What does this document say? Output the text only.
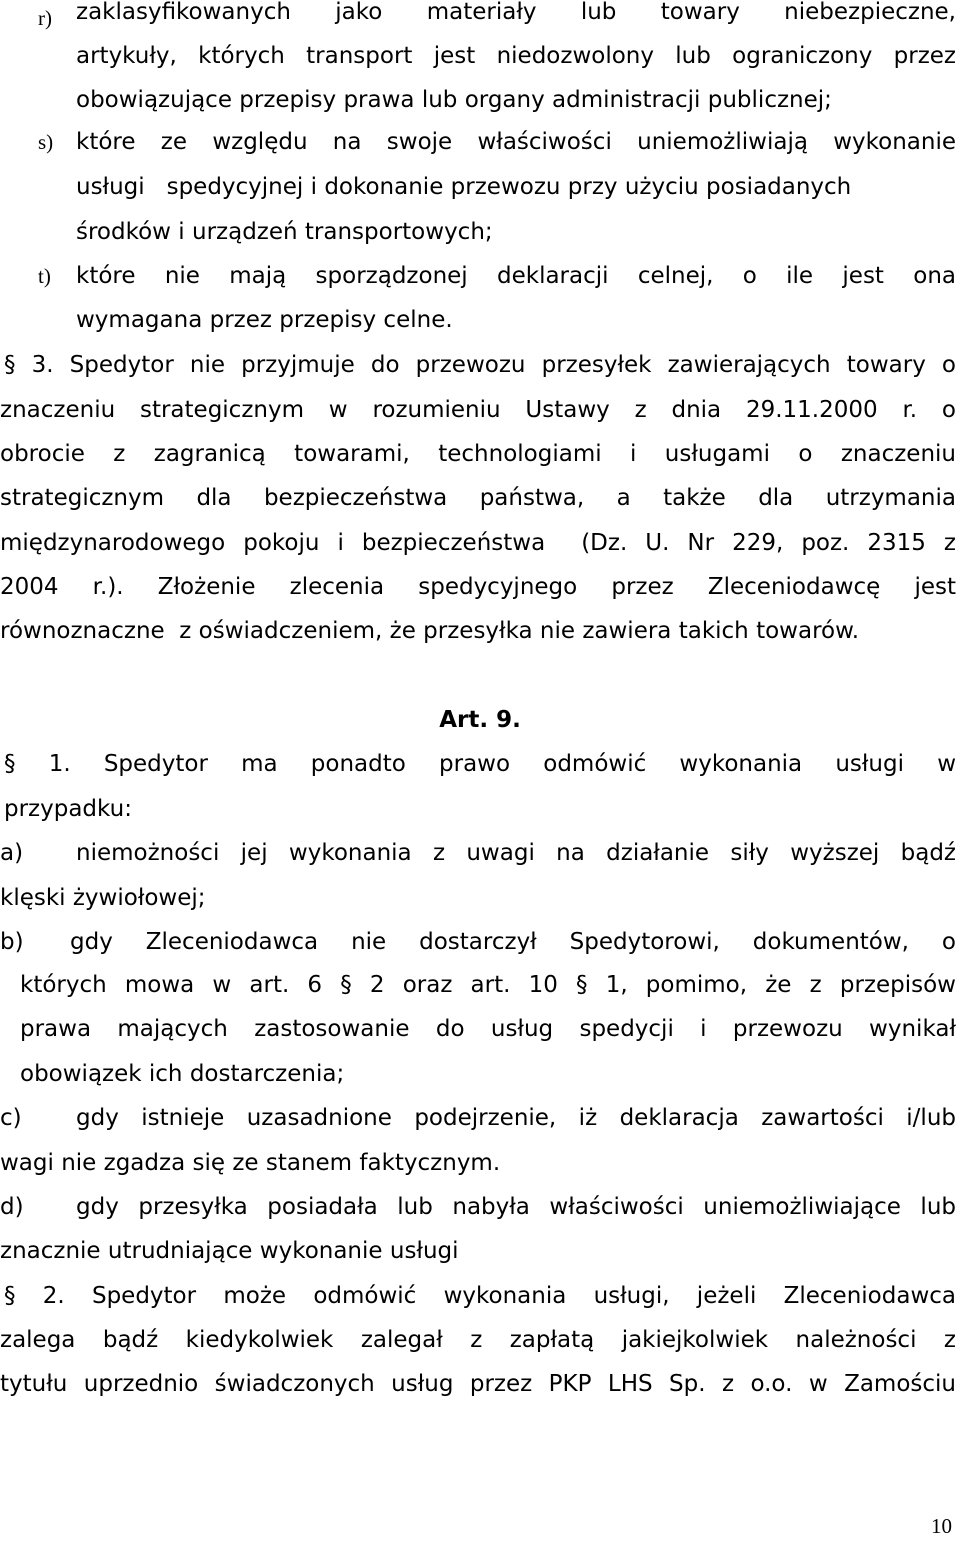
r) zaklasyfikowanych jako materiały lub towary niebezpieczne,
artykuły, których transport jest niedozwolony lub ograniczony przez
obowiązujące przepisy prawa lub organy administracji publicznej;
s) które ze względu na swoje właściwości uniemożliwiają wykonanie
usługi   spedycyjnej i dokonanie przewozu przy użyciu posiadanych
środków i urządzeń transportowych;
t) które nie mają sporządzonej deklaracji celnej, o ile jest ona
wymagana przez przepisy celne.
§ 3. Spedytor nie przyjmuje do przewozu przesyłek zawierających towary o
znaczeniu strategicznym w rozumieniu Ustawy z dnia 29.11.2000 r. o
obrocie z zagranicą towarami, technologiami i usługami o znaczeniu
strategicznym dla bezpieczeństwa państwa, a także dla utrzymania
międzynarodowego pokoju i bezpieczeństwa  (Dz. U. Nr 229, poz. 2315 z
2004 r.). Złożenie zlecenia spedycyjnego przez Zleceniodawcę jest
równoznaczne  z oświadczeniem, że przesyłka nie zawiera takich towarów.
Art. 9.
§ 1. Spedytor ma ponadto prawo odmówić wykonania usługi w
przypadku:
a) niemożności jej wykonania z uwagi na działanie siły wyższej bądź
klęski żywiołowej;
b) gdy Zleceniodawca nie dostarczył Spedytorowi, dokumentów, o
których mowa w art. 6 § 2 oraz art. 10 § 1, pomimo, że z przepisów
prawa mających zastosowanie do usług spedycji i przewozu wynikał
obowiązek ich dostarczenia;
c) gdy istnieje uzasadnione podejrzenie, iż deklaracja zawartości i/lub
wagi nie zgadza się ze stanem faktycznym.
d) gdy przesyłka posiadała lub nabyła właściwości uniemożliwiające lub
znacznie utrudniające wykonanie usługi
§ 2. Spedytor może odmówić wykonania usługi, jeżeli Zleceniodawca
zalega bądź kiedykolwiek zalegał z zapłatą jakiejkolwiek należności z
tytułu uprzednio świadczonych usług przez PKP LHS Sp. z o.o. w Zamościu
10
